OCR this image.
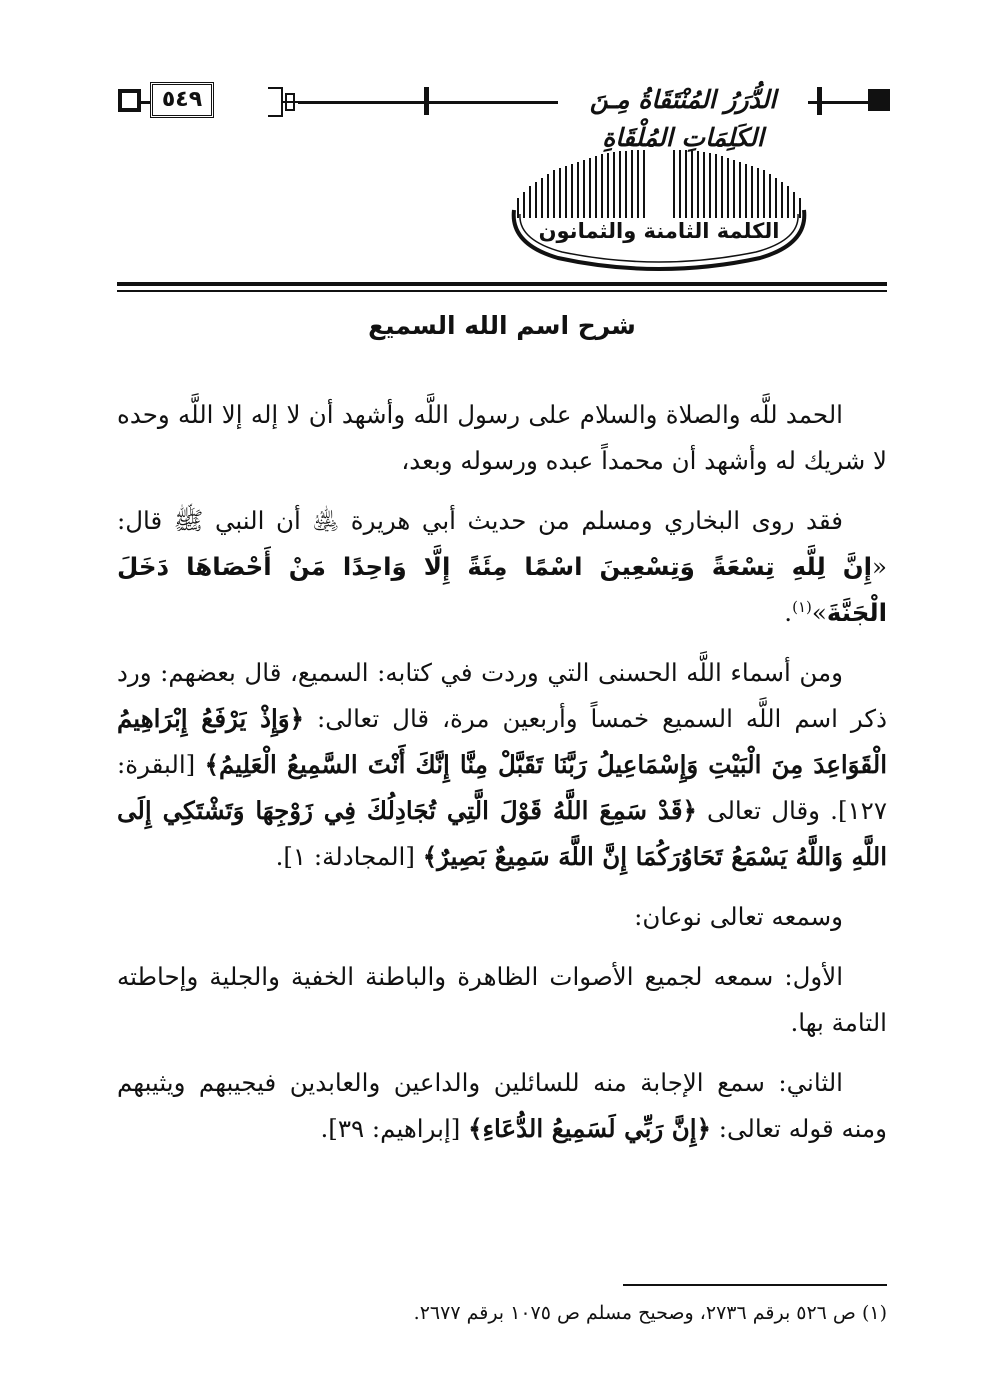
الدُّرَرُ المُنْتَقَاةُ مِـنَ الكَلِمَاتِ المُلْقَاةِ
٥٤٩
الكلمة الثامنة والثمانون
شرح اسم الله السميع

الحمد للَّه والصلاة والسلام على رسول اللَّه وأشهد أن لا إله إلا اللَّه وحده لا شريك له وأشهد أن محمداً عبده ورسوله وبعد،

فقد روى البخاري ومسلم من حديث أبي هريرة ﵁ أن النبي ﷺ قال: «إِنَّ لِلَّهِ تِسْعَةً وَتِسْعِينَ اسْمًا مِئَةً إِلَّا وَاحِدًا مَنْ أَحْصَاهَا دَخَلَ الْجَنَّةَ»$^{(١)}$.

ومن أسماء اللَّه الحسنى التي وردت في كتابه: السميع، قال بعضهم: ورد ذكر اسم اللَّه السميع خمساً وأربعين مرة، قال تعالى: ﴿وَإِذْ يَرْفَعُ إِبْرَاهِيمُ الْقَوَاعِدَ مِنَ الْبَيْتِ وَإِسْمَاعِيلُ رَبَّنَا تَقَبَّلْ مِنَّا إِنَّكَ أَنْتَ السَّمِيعُ الْعَلِيمُ﴾ [البقرة: ١٢٧]. وقال تعالى ﴿قَدْ سَمِعَ اللَّهُ قَوْلَ الَّتِي تُجَادِلُكَ فِي زَوْجِهَا وَتَشْتَكِي إِلَى اللَّهِ وَاللَّهُ يَسْمَعُ تَحَاوُرَكُمَا إِنَّ اللَّهَ سَمِيعٌ بَصِيرٌ﴾ [المجادلة: ١].

وسمعه تعالى نوعان:

الأول: سمعه لجميع الأصوات الظاهرة والباطنة الخفية والجلية وإحاطته التامة بها.

الثاني: سمع الإجابة منه للسائلين والداعين والعابدين فيجيبهم ويثيبهم ومنه قوله تعالى: ﴿إِنَّ رَبِّي لَسَمِيعُ الدُّعَاءِ﴾ [إبراهيم: ٣٩].

(١) ص ٥٢٦ برقم ٢٧٣٦، وصحيح مسلم ص ١٠٧٥ برقم ٢٦٧٧.
